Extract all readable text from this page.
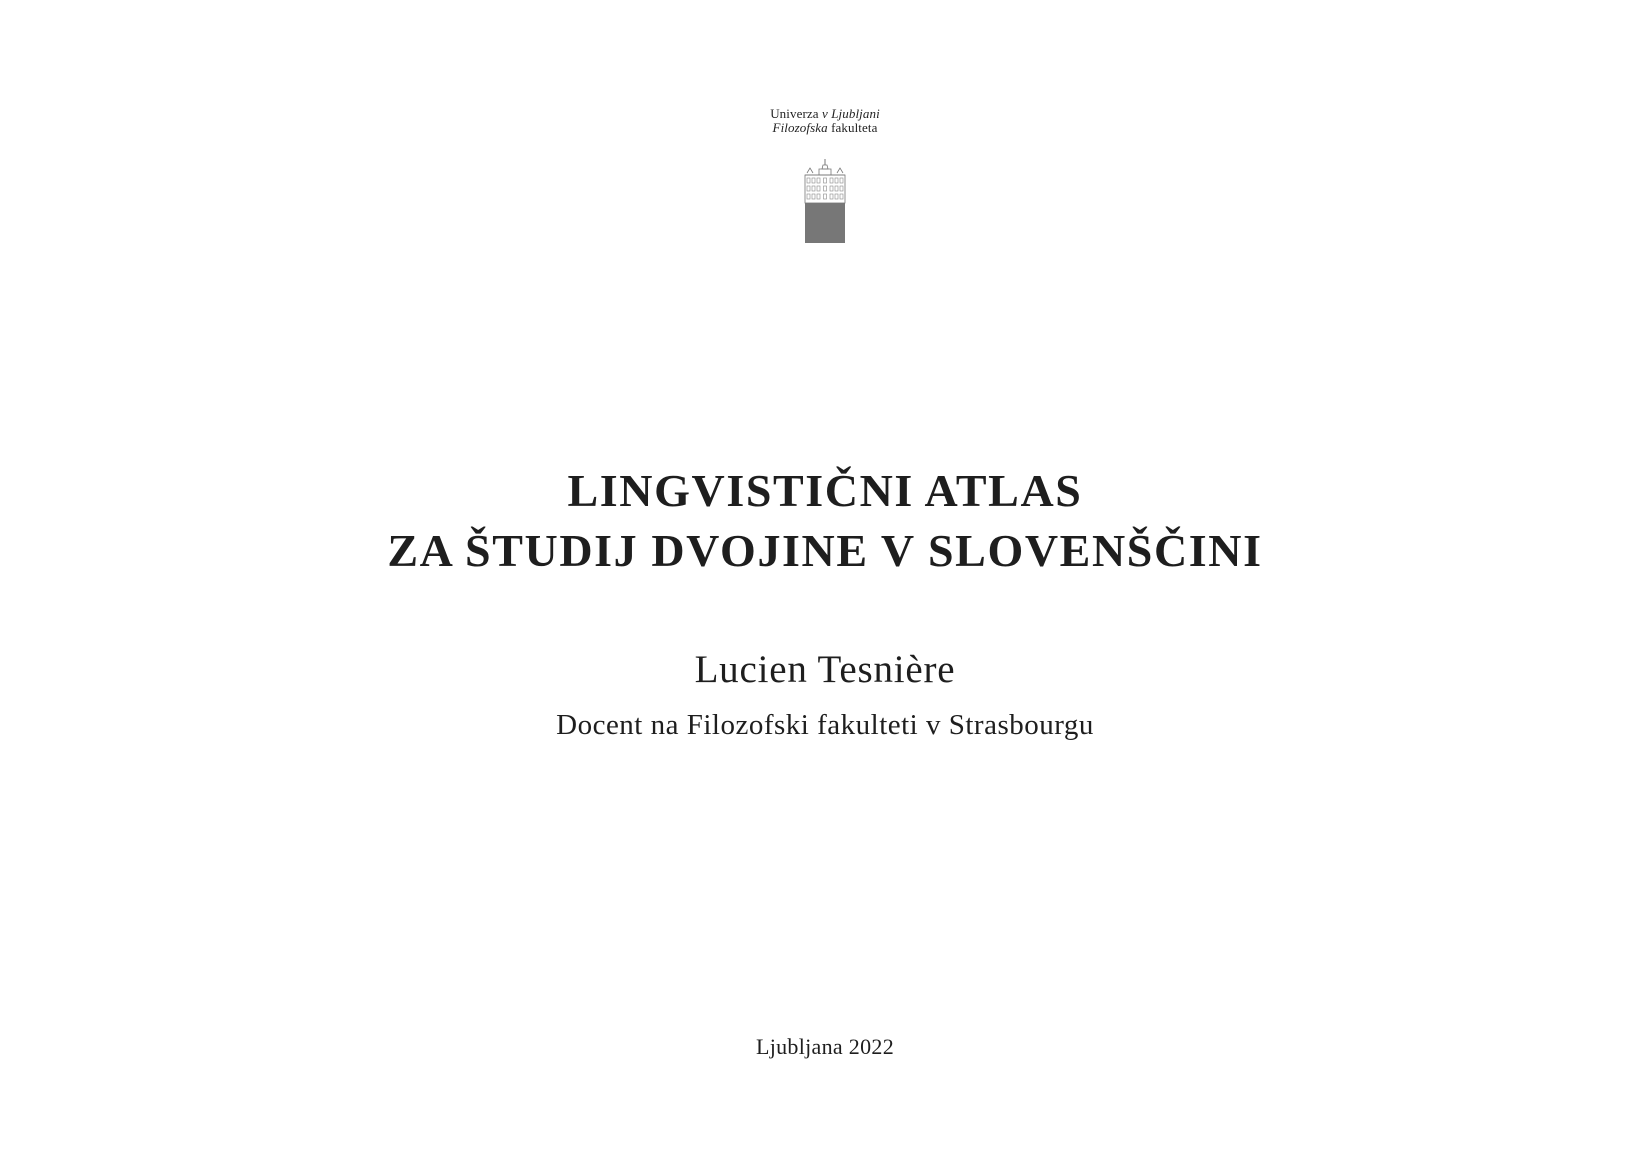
Univerza v Ljubljani
Filozofska fakulteta
LINGVISTIČNI ATLAS
ZA ŠTUDIJ DVOJINE V SLOVENŠČINI
Lucien Tesnière
Docent na Filozofski fakulteti v Strasbourgu
Ljubljana 2022
